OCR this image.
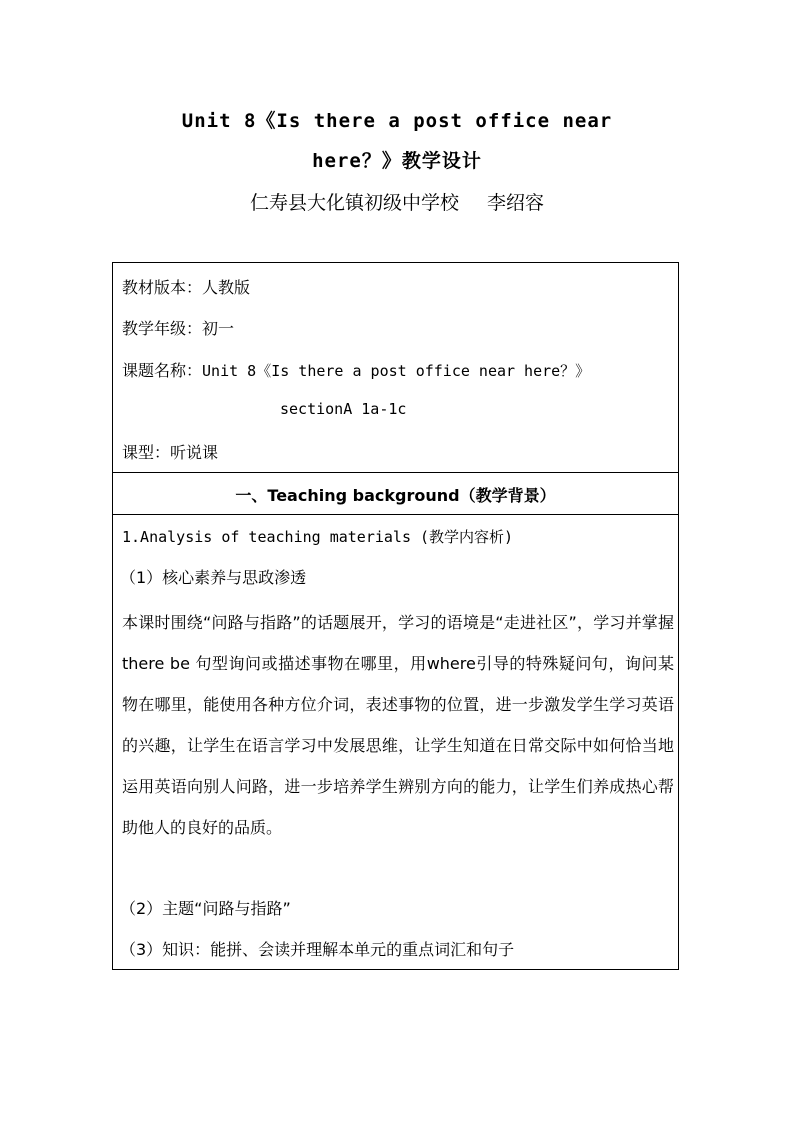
Unit 8《Is there a post office near
here？》教学设计
仁寿县大化镇初级中学校 李绍容
教材版本：人教版
教学年级：初一
课题名称：Unit 8《Is there a post office near here？》
sectionA 1a-1c
课型：听说课
一、Teaching background（教学背景）
1.Analysis of teaching materials (教学内容析)
（1）核心素养与思政渗透
本课时围绕“问路与指路”的话题展开，学习的语境是“走进社区”，学习并掌握there be 句型询问或描述事物在哪里，用where引导的特殊疑问句，询问某物在哪里，能使用各种方位介词，表述事物的位置，进一步激发学生学习英语的兴趣，让学生在语言学习中发展思维，让学生知道在日常交际中如何恰当地运用英语向别人问路，进一步培养学生辨别方向的能力，让学生们养成热心帮助他人的良好的品质。
（2）主题“问路与指路”
（3）知识：能拼、会读并理解本单元的重点词汇和句子
